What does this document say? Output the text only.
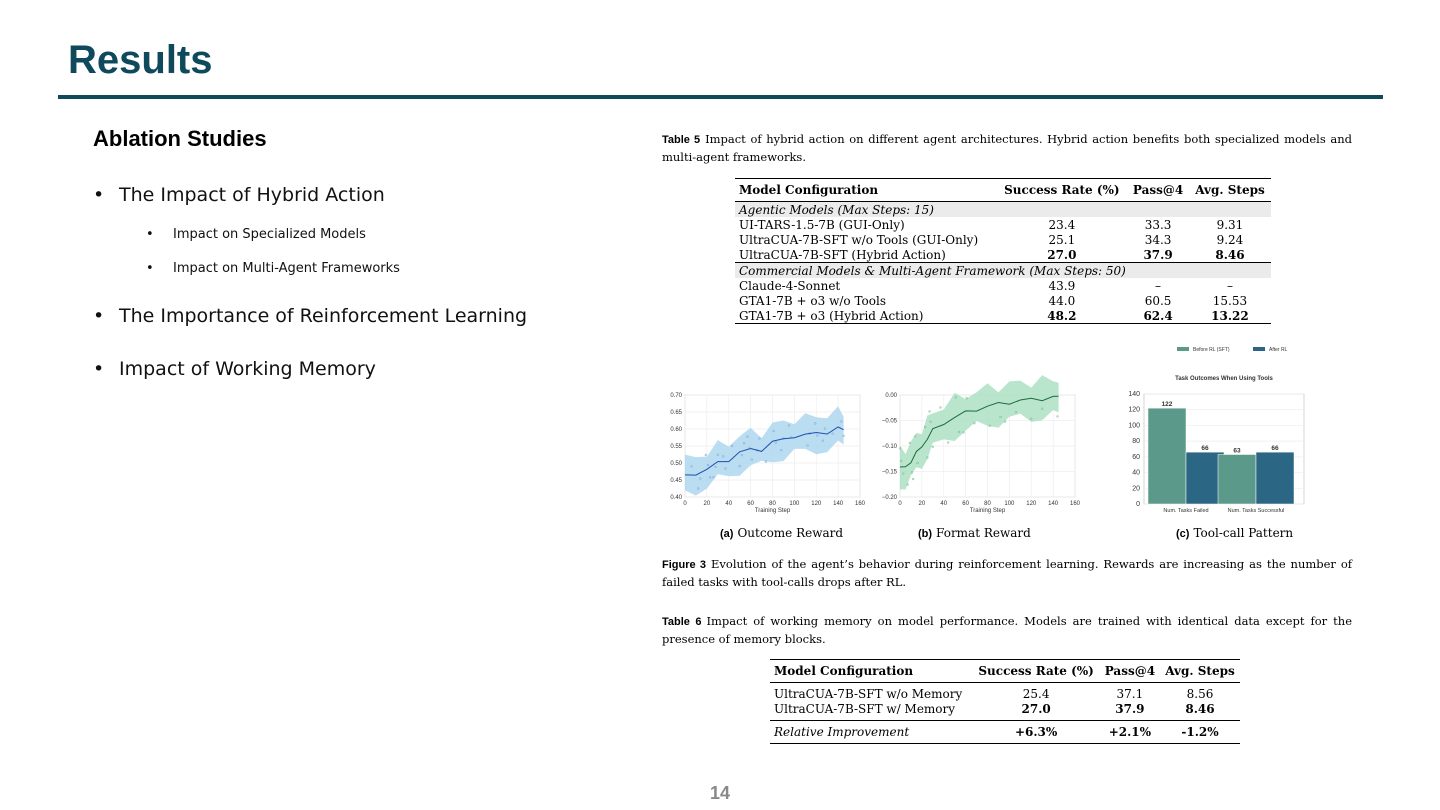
Results
Ablation Studies
• The Impact of Hybrid Action
• Impact on Specialized Models
• Impact on Multi-Agent Frameworks
• The Importance of Reinforcement Learning
• Impact of Working Memory
Table 5 Impact of hybrid action on different agent architectures. Hybrid action benefits both specialized models and multi-agent frameworks.
Model Configuration	Success Rate (%)	Pass@4	Avg. Steps
Agentic Models (Max Steps: 15)			
UI-TARS-1.5-7B (GUI-Only)	23.4	33.3	9.31
UltraCUA-7B-SFT w/o Tools (GUI-Only)	25.1	34.3	9.24
UltraCUA-7B-SFT (Hybrid Action)	27.0	37.9	8.46
Commercial Models & Multi-Agent Framework (Max Steps: 50)			
Claude-4-Sonnet	43.9	–	–
GTA1-7B + o3 w/o Tools	44.0	60.5	15.53
GTA1-7B + o3 (Hybrid Action)	48.2	62.4	13.22
0	20	40	60	80 100 120 140 160
0.70
0.65
0.60
0.55
0.50
0.45
0.40
Training Step
0	20	40	60	80 100 120 140 160
0.00
−0.05
−0.10
−0.15
−0.20
Training Step
0
20
40
60
80
100
120
140
Task Outcomes When Using Tools
Before RL (SFT)	After RL
122
66
Num. Tasks Failed
63	66
Num. Tasks Successful
(a) Outcome Reward	(b) Format Reward	(c) Tool-call Pattern
Figure 3 Evolution of the agent’s behavior during reinforcement learning. Rewards are increasing as the number of failed tasks with tool-calls drops after RL.
Table 6 Impact of working memory on model performance. Models are trained with identical data except for the presence of memory blocks.
Model Configuration	Success Rate (%)	Pass@4	Avg. Steps
UltraCUA-7B-SFT w/o Memory	25.4	37.1	8.56
UltraCUA-7B-SFT w/ Memory	27.0	37.9	8.46
Relative Improvement	+6.3%	+2.1%	-1.2%
14
